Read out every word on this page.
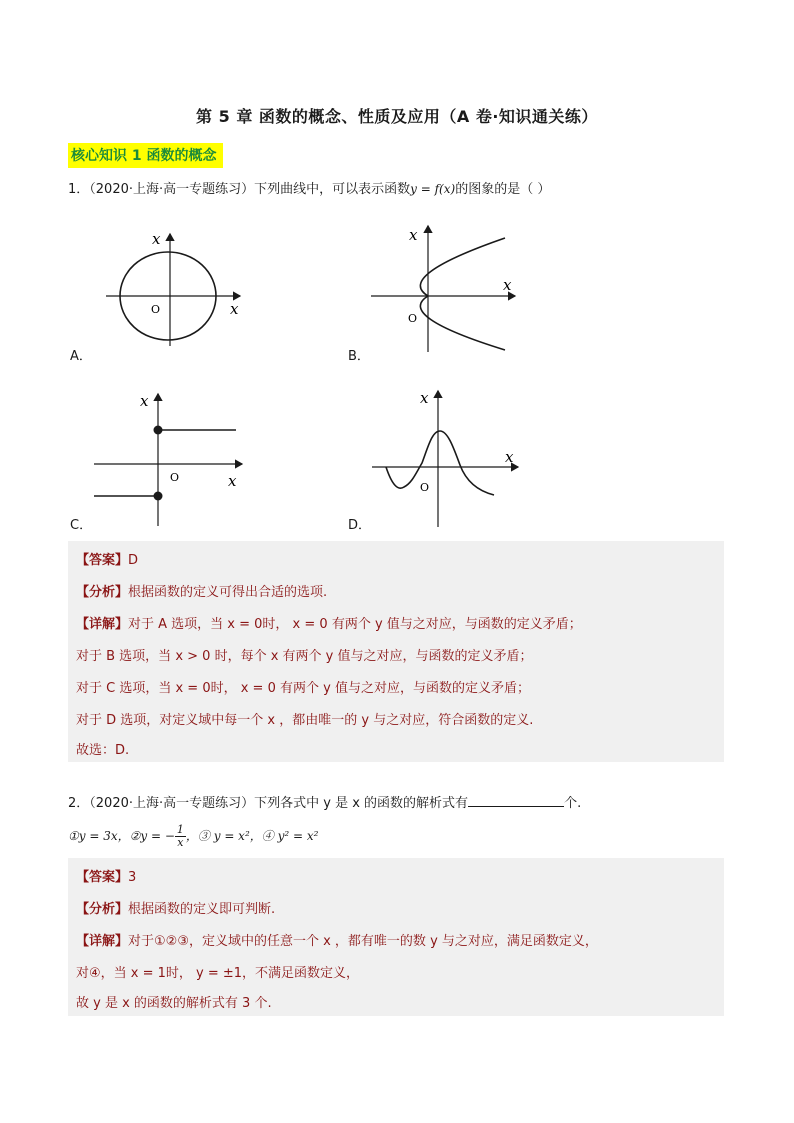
第 5 章 函数的概念、性质及应用（A 卷·知识通关练）
核心知识 1 函数的概念
1．（2020·上海·高一专题练习）下列曲线中，可以表示函数y = f(x)的图象的是（ ）
x
x
O
A．
x
x
O
B．
x
x
O
C．
x
x
O
D．
【答案】D
【分析】根据函数的定义可得出合适的选项.
【详解】对于 A 选项，当 x = 0时， x = 0 有两个 y 值与之对应，与函数的定义矛盾；
对于 B 选项，当 x > 0 时，每个 x 有两个 y 值与之对应，与函数的定义矛盾；
对于 C 选项，当 x = 0时， x = 0 有两个 y 值与之对应，与函数的定义矛盾；
对于 D 选项，对定义域中每一个 x ，都由唯一的 y 与之对应，符合函数的定义.
故选：D.
2．（2020·上海·高一专题练习）下列各式中 y 是 x 的函数的解析式有	个.
①y = 3x，②y = − $\frac{1}{x}$ ，③ y = x²，④ y² = x²
【答案】3
【分析】根据函数的定义即可判断.
【详解】对于①②③，定义域中的任意一个 x ，都有唯一的数 y 与之对应，满足函数定义，
对④，当 x = 1时， y = ±1，不满足函数定义，
故 y 是 x 的函数的解析式有 3 个.
